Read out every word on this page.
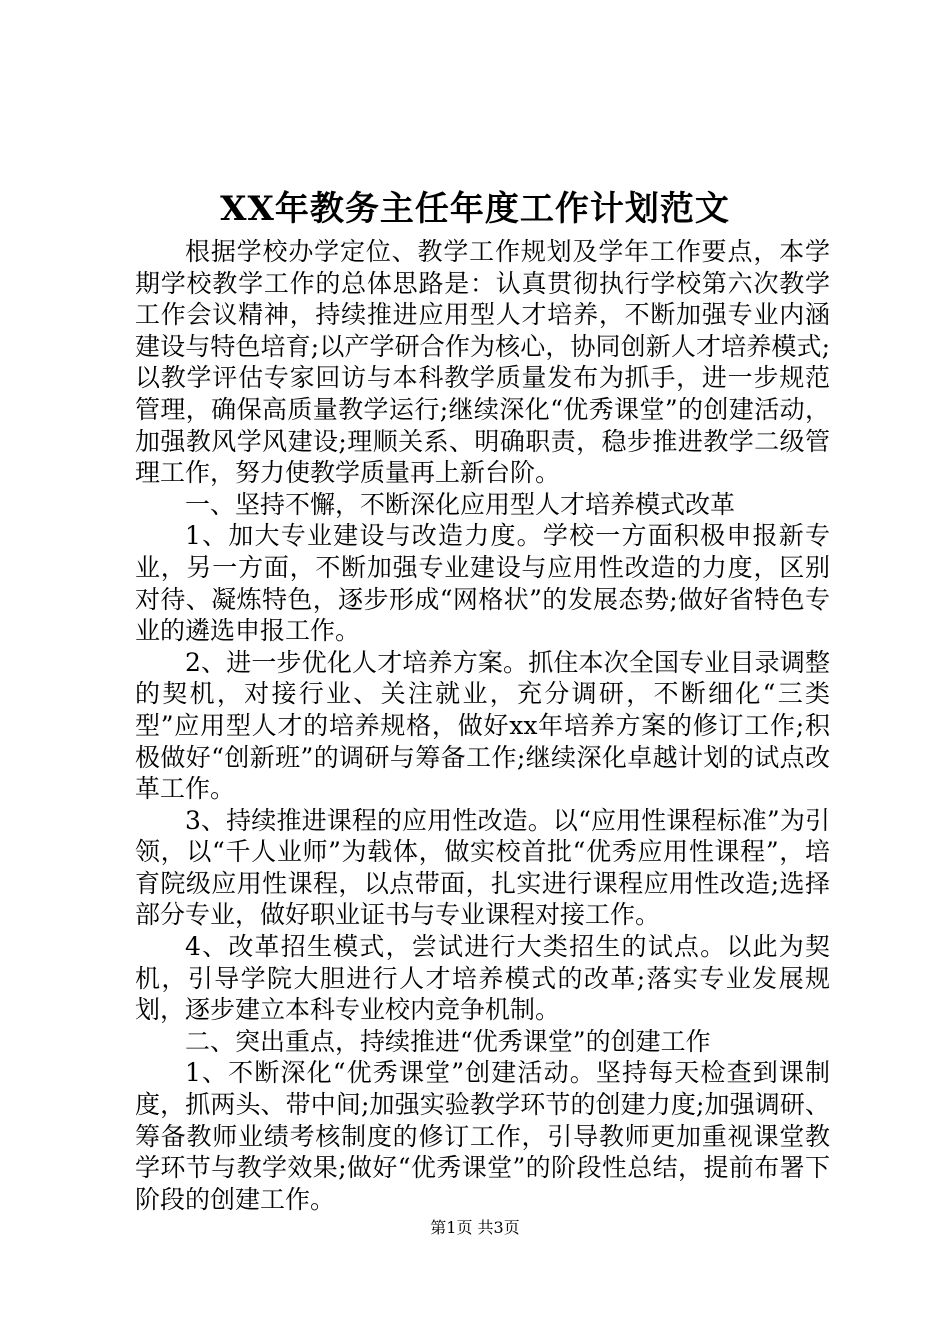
XX年教务主任年度工作计划范文

根据学校办学定位、教学工作规划及学年工作要点，本学期学校教学工作的总体思路是：认真贯彻执行学校第六次教学工作会议精神，持续推进应用型人才培养，不断加强专业内涵建设与特色培育;以产学研合作为核心，协同创新人才培养模式;以教学评估专家回访与本科教学质量发布为抓手，进一步规范管理，确保高质量教学运行;继续深化“优秀课堂”的创建活动，加强教风学风建设;理顺关系、明确职责，稳步推进教学二级管理工作，努力使教学质量再上新台阶。

一、坚持不懈，不断深化应用型人才培养模式改革

1、加大专业建设与改造力度。学校一方面积极申报新专业，另一方面，不断加强专业建设与应用性改造的力度，区别对待、凝炼特色，逐步形成“网格状”的发展态势;做好省特色专业的遴选申报工作。

2、进一步优化人才培养方案。抓住本次全国专业目录调整的契机，对接行业、关注就业，充分调研，不断细化“三类型”应用型人才的培养规格，做好xx年培养方案的修订工作;积极做好“创新班”的调研与筹备工作;继续深化卓越计划的试点改革工作。

3、持续推进课程的应用性改造。以“应用性课程标准”为引领，以“千人业师”为载体，做实校首批“优秀应用性课程”，培育院级应用性课程，以点带面，扎实进行课程应用性改造;选择部分专业，做好职业证书与专业课程对接工作。

4、改革招生模式，尝试进行大类招生的试点。以此为契机，引导学院大胆进行人才培养模式的改革;落实专业发展规划，逐步建立本科专业校内竞争机制。

二、突出重点，持续推进“优秀课堂”的创建工作

1、不断深化“优秀课堂”创建活动。坚持每天检查到课制度，抓两头、带中间;加强实验教学环节的创建力度;加强调研、筹备教师业绩考核制度的修订工作，引导教师更加重视课堂教学环节与教学效果;做好“优秀课堂”的阶段性总结，提前布署下阶段的创建工作。

第1页 共3页
